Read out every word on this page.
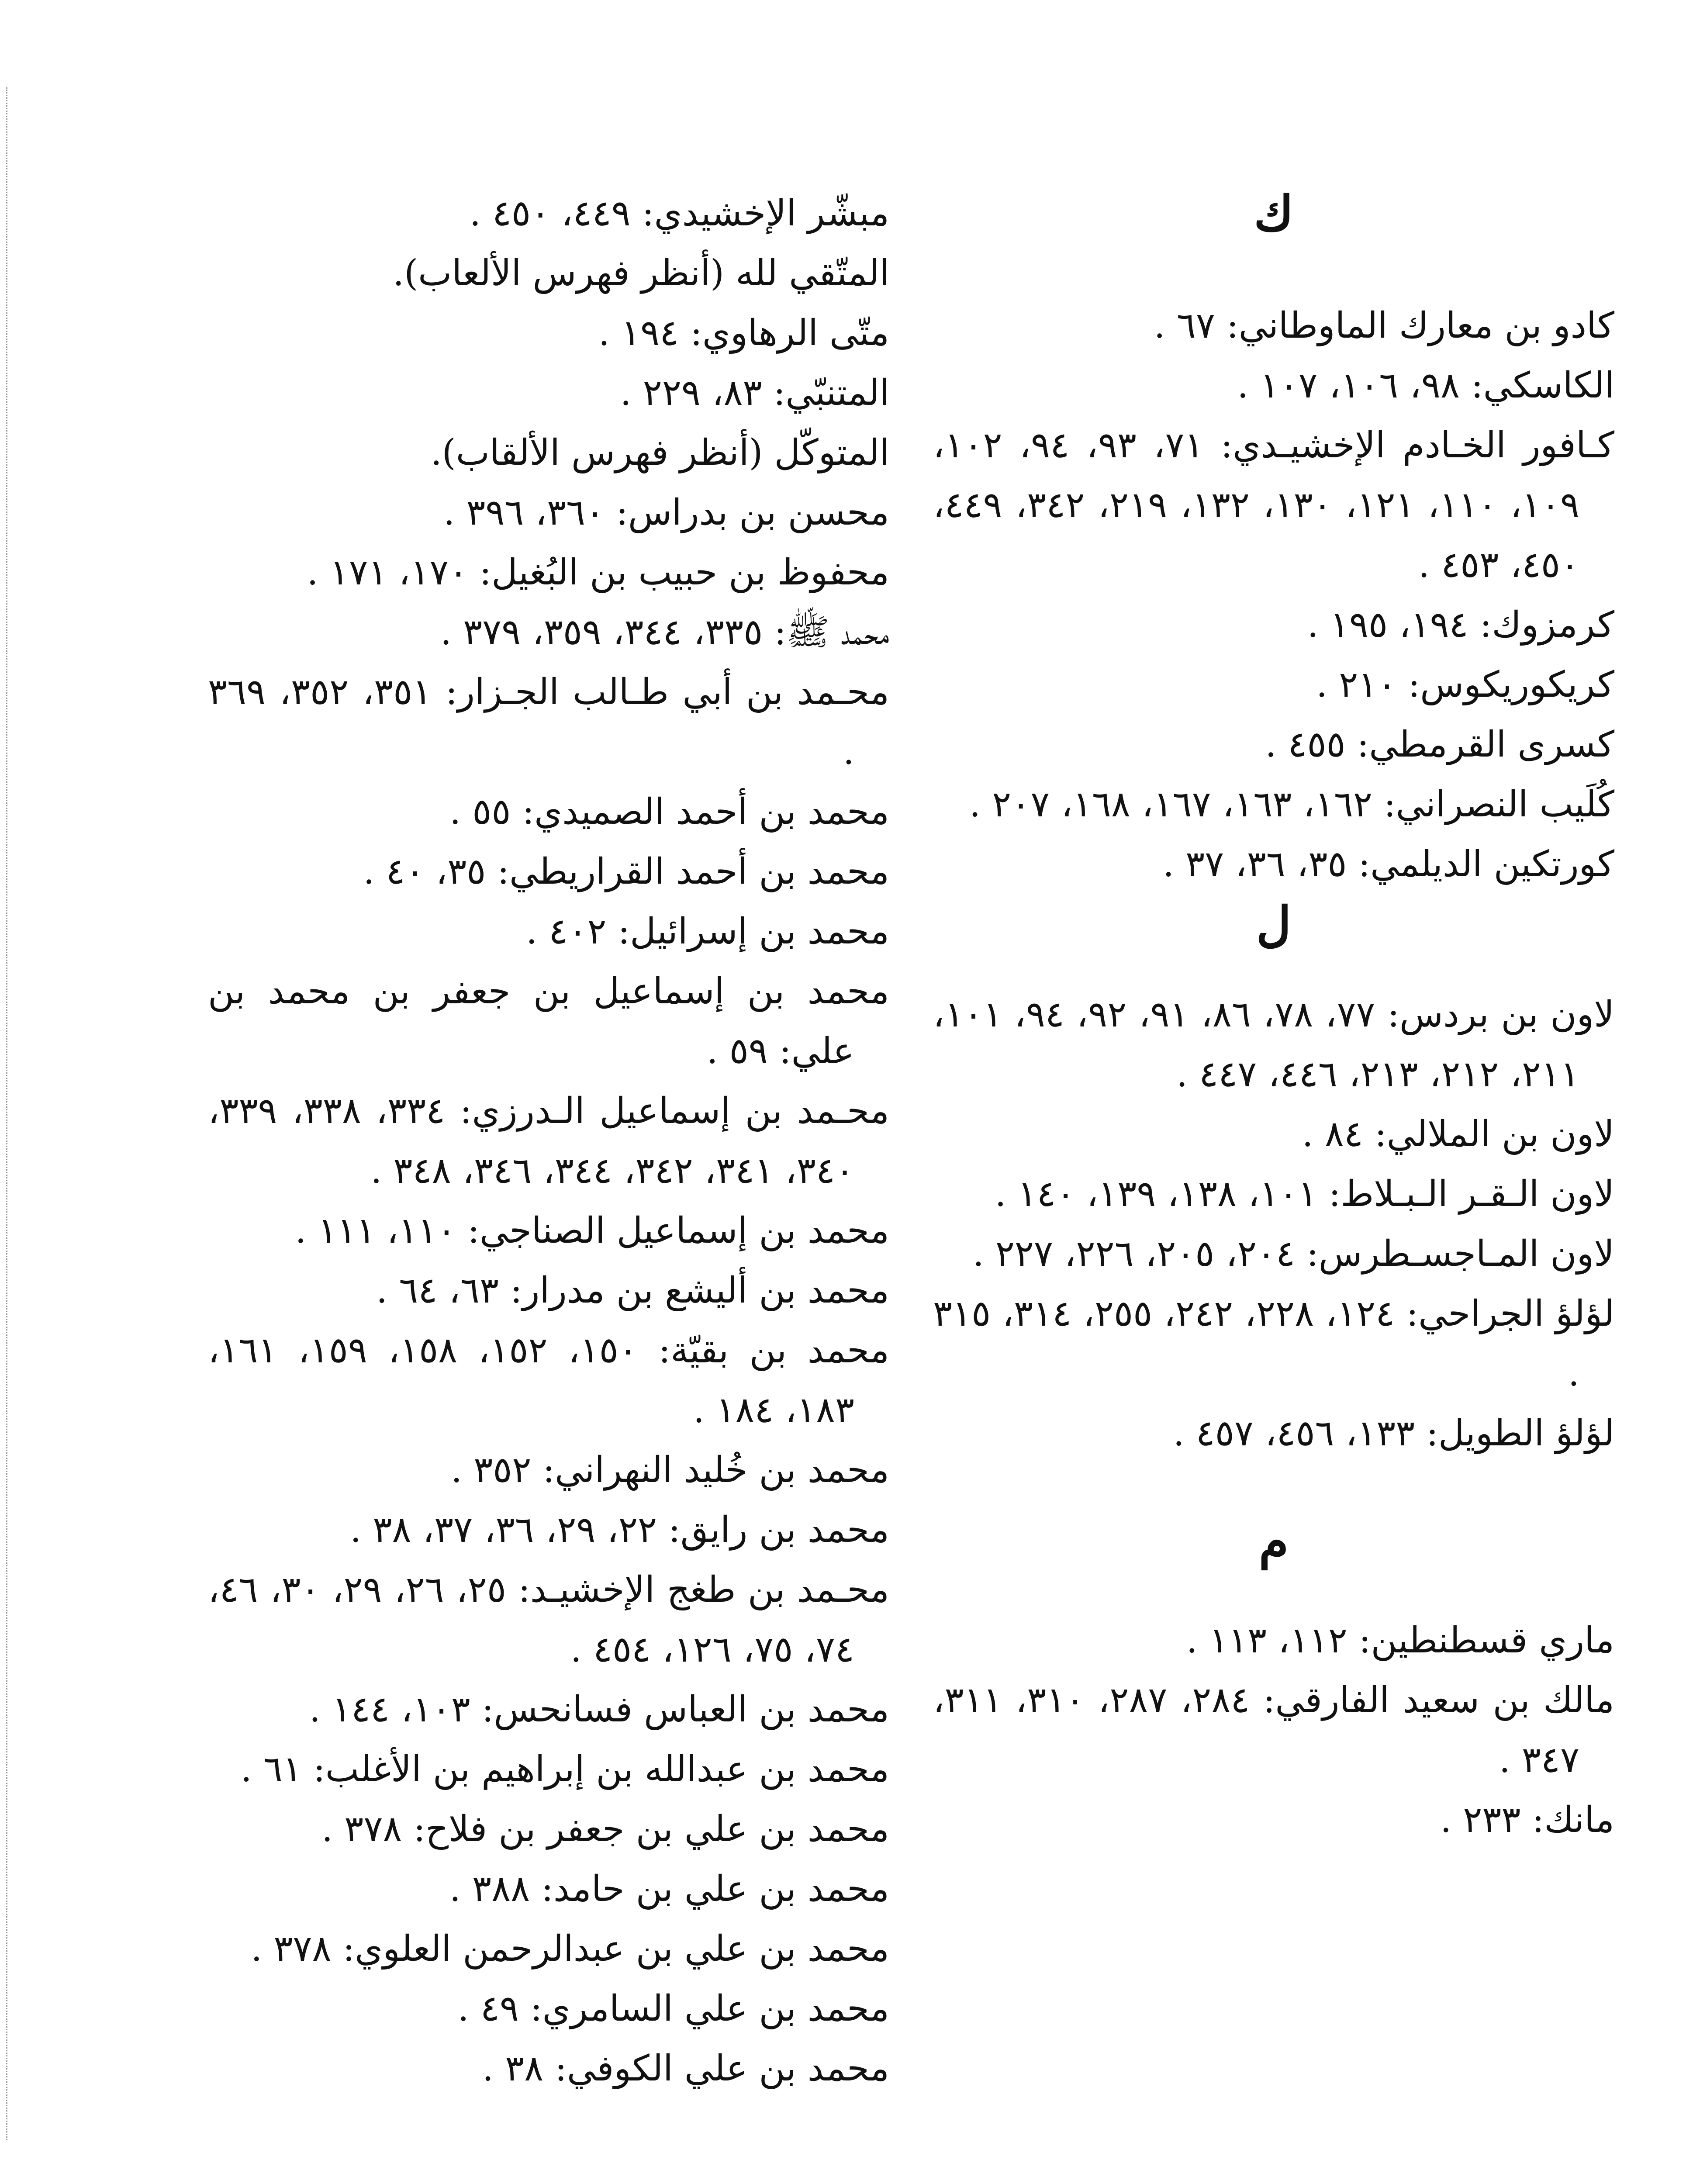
ك

كادو بن معارك الماوطاني: ٦٧ .

الكاسكي: ٩٨، ١٠٦، ١٠٧ .

كـافور الخـادم الإخشيـدي: ٧١، ٩٣، ٩٤، ١٠٢، ١٠٩، ١١٠، ١٢١، ١٣٠، ١٣٢، ٢١٩، ٣٤٢، ٤٤٩، ٤٥٠، ٤٥٣ .

كرمزوك: ١٩٤، ١٩٥ .

كريكوريكوس: ٢١٠ .

كسرى القرمطي: ٤٥٥ .

كُلَيب النصراني: ١٦٢، ١٦٣، ١٦٧، ١٦٨، ٢٠٧ .

كورتكين الديلمي: ٣٥، ٣٦، ٣٧ .

ل

لاون بن بردس: ٧٧، ٧٨، ٨٦، ٩١، ٩٢، ٩٤، ١٠١، ٢١١، ٢١٢، ٢١٣، ٤٤٦، ٤٤٧ .

لاون بن الملالي: ٨٤ .

لاون الـقـر الـبـلاط: ١٠١، ١٣٨، ١٣٩، ١٤٠ .

لاون المـاجسـطرس: ٢٠٤، ٢٠٥، ٢٢٦، ٢٢٧ .

لؤلؤ الجراحي: ١٢٤، ٢٢٨، ٢٤٢، ٢٥٥، ٣١٤، ٣١٥ .

لؤلؤ الطويل: ١٣٣، ٤٥٦، ٤٥٧ .

م

ماري قسطنطين: ١١٢، ١١٣ .

مالك بن سعيد الفارقي: ٢٨٤، ٢٨٧، ٣١٠، ٣١١، ٣٤٧ .

مانك: ٢٣٣ .

مبشّر الإخشيدي: ٤٤٩، ٤٥٠ .

المتّقي لله (أنظر فهرس الألعاب).

متّى الرهاوي: ١٩٤ .

المتنبّي: ٨٣، ٢٢٩ .

المتوكّل (أنظر فهرس الألقاب).

محسن بن بدراس: ٣٦٠، ٣٩٦ .

محفوظ بن حبيب بن البُغيل: ١٧٠، ١٧١ .

محمد ﷺ: ٣٣٥، ٣٤٤، ٣٥٩، ٣٧٩ .

محـمد بن أبي طـالب الجـزار: ٣٥١، ٣٥٢، ٣٦٩ .

محمد بن أحمد الصميدي: ٥٥ .

محمد بن أحمد القراريطي: ٣٥، ٤٠ .

محمد بن إسرائيل: ٤٠٢ .

محمد بن إسماعيل بن جعفر بن محمد بن علي: ٥٩ .

محـمد بن إسماعيل الـدرزي: ٣٣٤، ٣٣٨، ٣٣٩، ٣٤٠، ٣٤١، ٣٤٢، ٣٤٤، ٣٤٦، ٣٤٨ .

محمد بن إسماعيل الصناجي: ١١٠، ١١١ .

محمد بن أليشع بن مدرار: ٦٣، ٦٤ .

محمد بن بقيّة: ١٥٠، ١٥٢، ١٥٨، ١٥٩، ١٦١، ١٨٣، ١٨٤ .

محمد بن خُليد النهراني: ٣٥٢ .

محمد بن رايق: ٢٢، ٢٩، ٣٦، ٣٧، ٣٨ .

محـمد بن طغج الإخشيـد: ٢٥، ٢٦، ٢٩، ٣٠، ٤٦، ٧٤، ٧٥، ١٢٦، ٤٥٤ .

محمد بن العباس فسانحس: ١٠٣، ١٤٤ .

محمد بن عبدالله بن إبراهيم بن الأغلب: ٦١ .

محمد بن علي بن جعفر بن فلاح: ٣٧٨ .

محمد بن علي بن حامد: ٣٨٨ .

محمد بن علي بن عبدالرحمن العلوي: ٣٧٨ .

محمد بن علي السامري: ٤٩ .

محمد بن علي الكوفي: ٣٨ .
